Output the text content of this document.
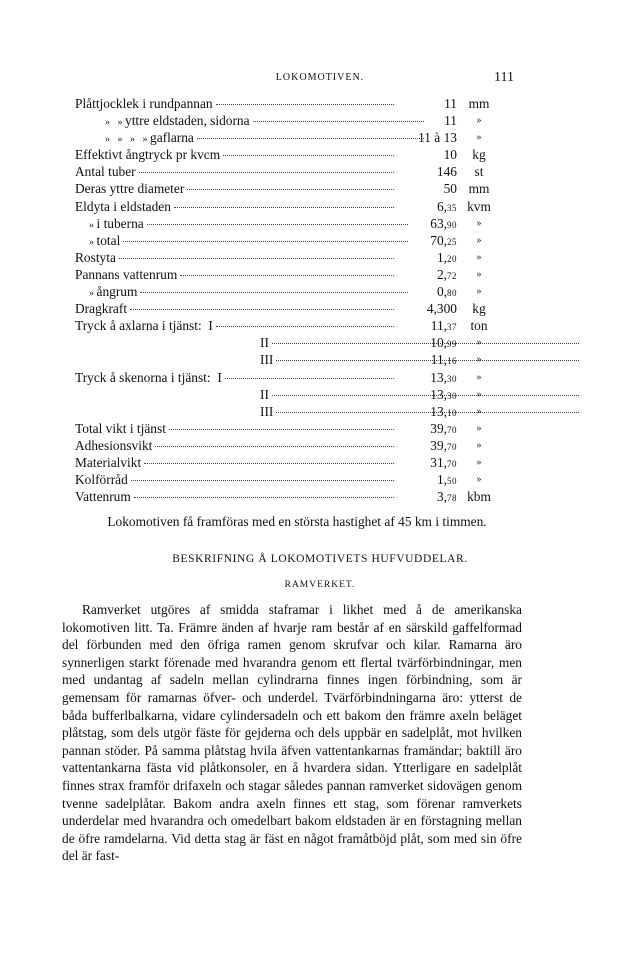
LOKOMOTIVEN.	111
Plåttjocklek i rundpannan	11 mm
»   » yttre eldstaden, sidorna	11	»
»   »   »   » gaflarna	11 à 13	»
Effektivt ångtryck pr kvcm	10	kg
Antal tuber	146	st
Deras yttre diameter	50 mm
Eldyta i eldstaden	6,35 kvm
» i tuberna	63,90	»
» total	70,25	»
Rostyta	1,20	»
Pannans vattenrum	2,72	»
» ångrum	0,80	»
Dragkraft	4,300	kg
Tryck å axlarna i tjänst:  I	11,37	ton
II	10,99	»
III	11,16	»
Tryck å skenorna i tjänst:  I	13,30	»
II	13,30	»
III	13,10	»
Total vikt i tjänst	39,70	»
Adhesionsvikt	39,70	»
Materialvikt	31,70	»
Kolförråd	1,50	»
Vattenrum	3,78 kbm
Lokomotiven få framföras med en största hastighet af 45 km i timmen.
BESKRIFNING Å LOKOMOTIVETS HUFVUDDELAR.
RAMVERKET.

Ramverket utgöres af smidda staframar i likhet med å de amerikanska lokomotiven litt. Ta. Främre änden af hvarje ram består af en särskild gaffelformad del förbunden med den öfriga ramen genom skrufvar och kilar. Ramarna äro synnerligen starkt förenade med hvarandra genom ett flertal tvärförbindningar, men med undantag af sadeln mellan cylindrarna finnes ingen förbindning, som är gemensam för ramarnas öfver- och underdel. Tvärförbindningarna äro: ytterst de båda bufferlbalkarna, vidare cylindersadeln och ett bakom den främre axeln beläget plåtstag, som dels utgör fäste för gejderna och dels uppbär en sadelplåt, mot hvilken pannan stöder. På samma plåtstag hvila äfven vattentankarnas framändar; baktill äro vattentankarna fästa vid plåtkonsoler, en å hvardera sidan. Ytterligare en sadelplåt finnes strax framför drifaxeln och stagar således pannan ramverket sidovägen genom tvenne sadelplåtar. Bakom andra axeln finnes ett stag, som förenar ramverkets underdelar med hvarandra och omedelbart bakom eldstaden är en förstagning mellan de öfre ramdelarna. Vid detta stag är fäst en något framåtböjd plåt, som med sin öfre del är fast-
